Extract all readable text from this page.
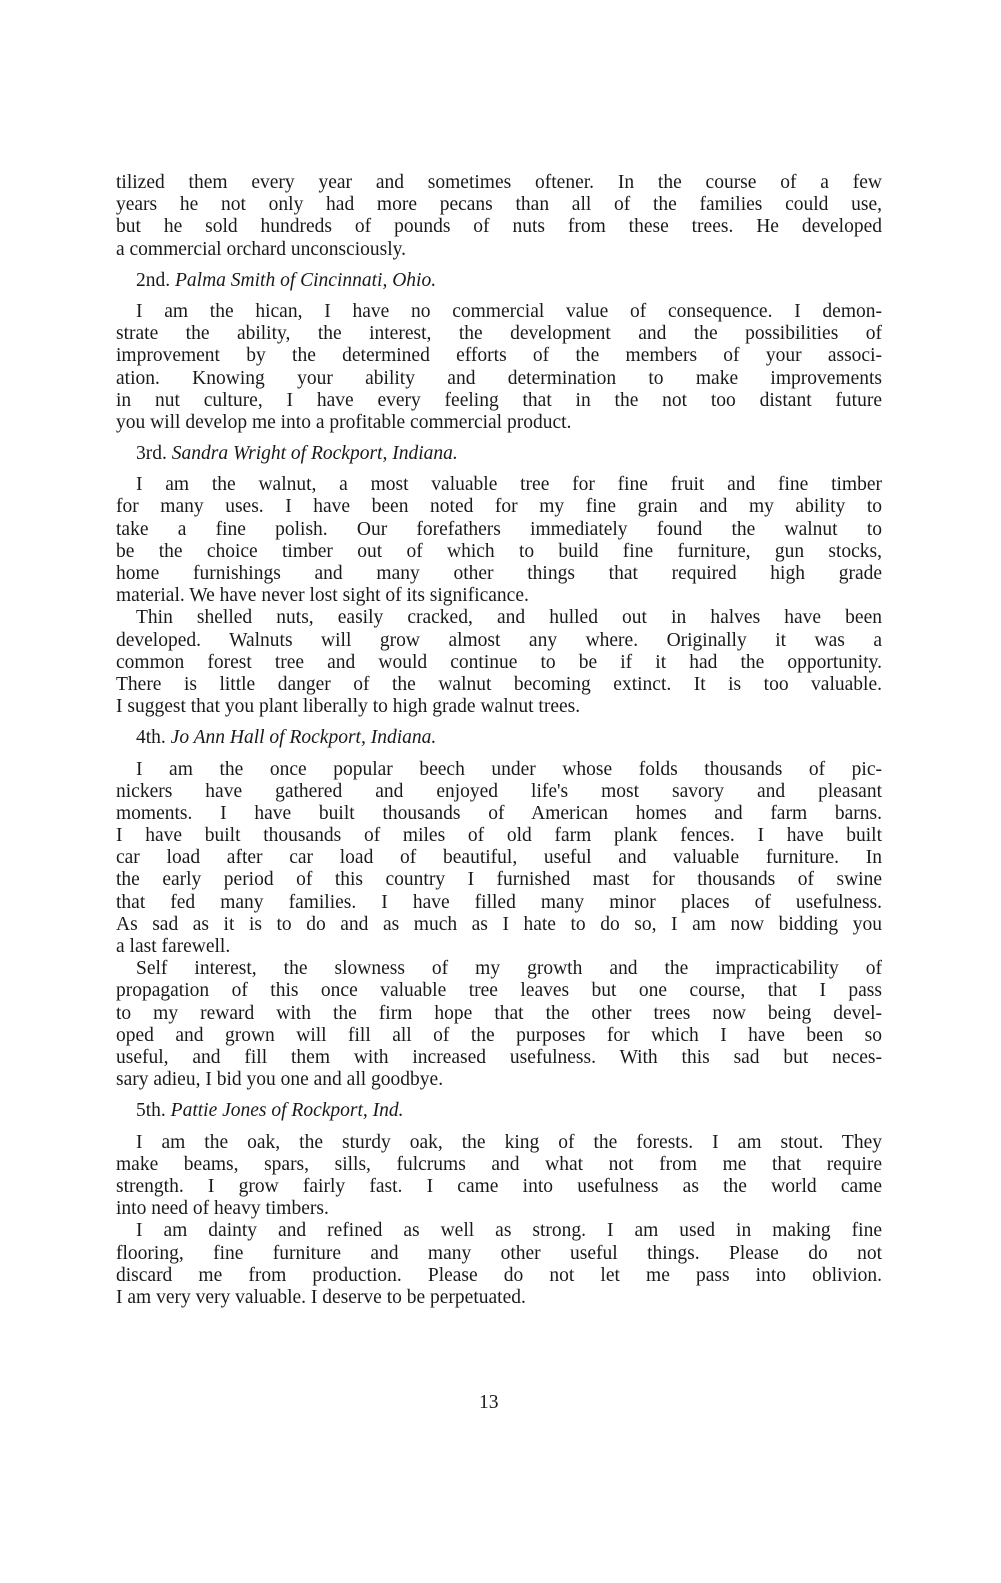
tilized them every year and sometimes oftener. In the course of a few
years he not only had more pecans than all of the families could use,
but he sold hundreds of pounds of nuts from these trees. He developed
a commercial orchard unconsciously.
2nd. Palma Smith of Cincinnati, Ohio.
I am the hican, I have no commercial value of consequence. I demon-
strate the ability, the interest, the development and the possibilities of
improvement by the determined efforts of the members of your associ-
ation. Knowing your ability and determination to make improvements
in nut culture, I have every feeling that in the not too distant future
you will develop me into a profitable commercial product.
3rd. Sandra Wright of Rockport, Indiana.
I am the walnut, a most valuable tree for fine fruit and fine timber
for many uses. I have been noted for my fine grain and my ability to
take a fine polish. Our forefathers immediately found the walnut to
be the choice timber out of which to build fine furniture, gun stocks,
home furnishings and many other things that required high grade
material. We have never lost sight of its significance.
Thin shelled nuts, easily cracked, and hulled out in halves have been
developed. Walnuts will grow almost any where. Originally it was a
common forest tree and would continue to be if it had the opportunity.
There is little danger of the walnut becoming extinct. It is too valuable.
I suggest that you plant liberally to high grade walnut trees.
4th. Jo Ann Hall of Rockport, Indiana.
I am the once popular beech under whose folds thousands of pic-
nickers have gathered and enjoyed life's most savory and pleasant
moments. I have built thousands of American homes and farm barns.
I have built thousands of miles of old farm plank fences. I have built
car load after car load of beautiful, useful and valuable furniture. In
the early period of this country I furnished mast for thousands of swine
that fed many families. I have filled many minor places of usefulness.
As sad as it is to do and as much as I hate to do so, I am now bidding you
a last farewell.
Self interest, the slowness of my growth and the impracticability of
propagation of this once valuable tree leaves but one course, that I pass
to my reward with the firm hope that the other trees now being devel-
oped and grown will fill all of the purposes for which I have been so
useful, and fill them with increased usefulness. With this sad but neces-
sary adieu, I bid you one and all goodbye.
5th. Pattie Jones of Rockport, Ind.
I am the oak, the sturdy oak, the king of the forests. I am stout. They
make beams, spars, sills, fulcrums and what not from me that require
strength. I grow fairly fast. I came into usefulness as the world came
into need of heavy timbers.
I am dainty and refined as well as strong. I am used in making fine
flooring, fine furniture and many other useful things. Please do not
discard me from production. Please do not let me pass into oblivion.
I am very very valuable. I deserve to be perpetuated.
13
